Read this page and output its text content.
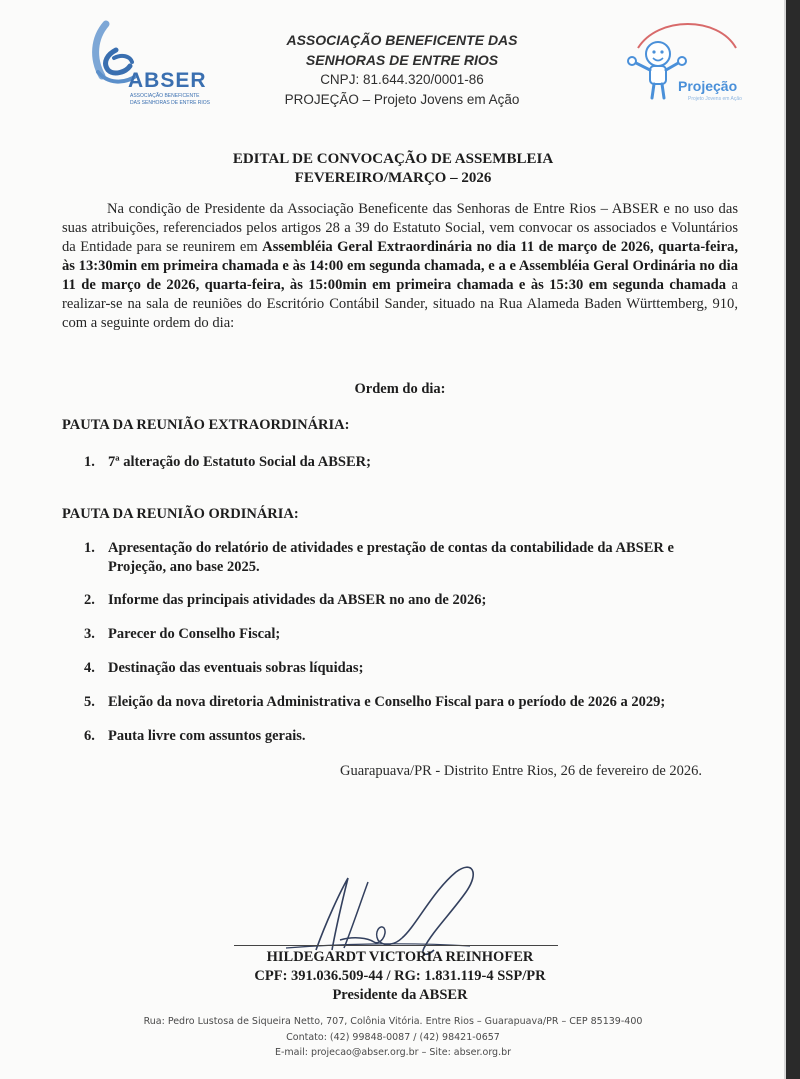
ABSER
ASSOCIAÇÃO BENEFICENTE
DAS SENHORAS DE ENTRE RIOS
ASSOCIAÇÃO BENEFICENTE DAS
SENHORAS DE ENTRE RIOS
CNPJ: 81.644.320/0001-86
PROJEÇÃO – Projeto Jovens em Ação
Projeção
Projeto Jovens em Ação
EDITAL DE CONVOCAÇÃO DE ASSEMBLEIA
FEVEREIRO/MARÇO – 2026
Na condição de Presidente da Associação Beneficente das Senhoras de Entre Rios – ABSER e no uso das suas atribuições, referenciados pelos artigos 28 a 39 do Estatuto Social, vem convocar os associados e Voluntários da Entidade para se reunirem em Assembléia Geral Extraordinária no dia 11 de março de 2026, quarta-feira, às 13:30min em primeira chamada e às 14:00 em segunda chamada, e a e Assembléia Geral Ordinária no dia 11 de março de 2026, quarta-feira, às 15:00min em primeira chamada e às 15:30 em segunda chamada a realizar-se na sala de reuniões do Escritório Contábil Sander, situado na Rua Alameda Baden Württemberg, 910, com a seguinte ordem do dia:
Ordem do dia:
PAUTA DA REUNIÃO EXTRAORDINÁRIA:
1. 7ª alteração do Estatuto Social da ABSER;
PAUTA DA REUNIÃO ORDINÁRIA:
1. Apresentação do relatório de atividades e prestação de contas da contabilidade da ABSER e
Projeção, ano base 2025.
2. Informe das principais atividades da ABSER no ano de 2026;
3. Parecer do Conselho Fiscal;
4. Destinação das eventuais sobras líquidas;
5. Eleição da nova diretoria Administrativa e Conselho Fiscal para o período de 2026 a 2029;
6. Pauta livre com assuntos gerais.
Guarapuava/PR - Distrito Entre Rios, 26 de fevereiro de 2026.
HILDEGARDT VICTORIA REINHOFER
CPF: 391.036.509-44 / RG: 1.831.119-4 SSP/PR
Presidente da ABSER
Rua: Pedro Lustosa de Siqueira Netto, 707, Colônia Vitória. Entre Rios – Guarapuava/PR – CEP 85139-400
Contato: (42) 99848-0087 / (42) 98421-0657
E-mail: projecao@abser.org.br – Site: abser.org.br
